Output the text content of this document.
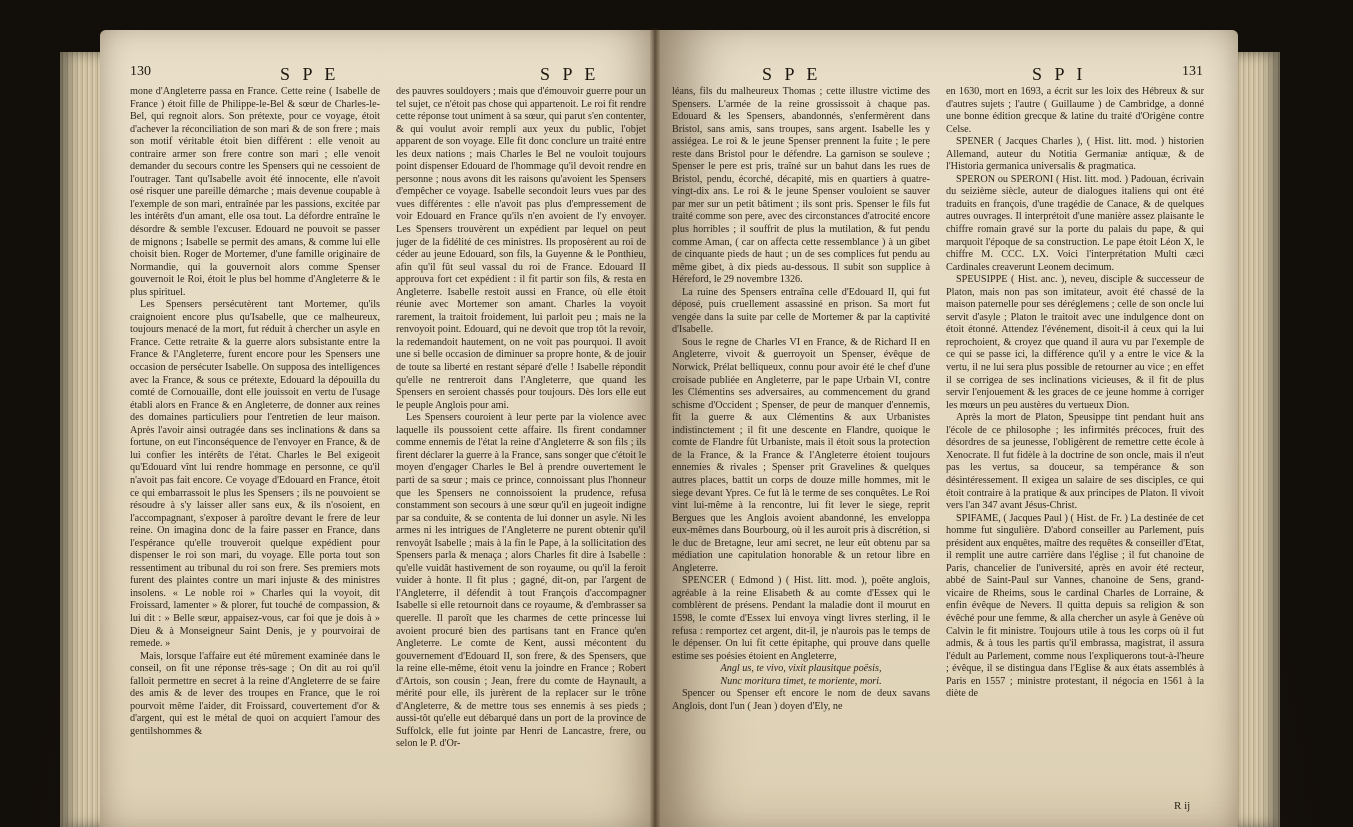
130	S P E	S P E

mone d'Angleterre passa en France. Cette reine ( Isabelle de France ) étoit fille de Philippe-le-Bel & sœur de Charles-le-Bel, qui regnoit alors. Son prétexte, pour ce voyage, étoit d'achever la réconciliation de son mari & de son frere ; mais son motif véritable étoit bien différent : elle venoit au contraire armer son frere contre son mari ; elle venoit demander du secours contre les Spensers qui ne cessoient de l'outrager. Tant qu'Isabelle avoit été innocente, elle n'avoit osé risquer une pareille démarche ; mais devenue coupable à l'exemple de son mari, entraînée par les passions, excitée par les intérêts d'un amant, elle osa tout. La défordre entraîne le désordre & semble l'excuser. Edouard ne pouvoit se passer de mignons ; Isabelle se permit des amans, & comme lui elle choisit bien. Roger de Mortemer, d'une famille originaire de Normandie, qui la gouvernoit alors comme Spenser gouvernoit le Roi, étoit le plus bel homme d'Angleterre & le plus spirituel.

Les Spensers persécutèrent tant Mortemer, qu'ils craignoient encore plus qu'Isabelle, que ce malheureux, toujours menacé de la mort, fut réduit à chercher un asyle en France. Cette retraite & la guerre alors subsistante entre la France & l'Angleterre, furent encore pour les Spensers une occasion de persécuter Isabelle. On supposa des intelligences avec la France, & sous ce prétexte, Edouard la dépouilla du comté de Cornouaille, dont elle jouissoit en vertu de l'usage établi alors en France & en Angleterre, de donner aux reines des domaines particuliers pour l'entretien de leur maison. Après l'avoir ainsi outragée dans ses inclinations & dans sa fortune, on eut l'inconséquence de l'envoyer en France, & de lui confier les intérêts de l'état. Charles le Bel exigeoit qu'Edouard vînt lui rendre hommage en personne, ce qu'il n'avoit pas fait encore. Ce voyage d'Edouard en France, étoit ce qui embarrassoit le plus les Spensers ; ils ne pouvoient se résoudre à s'y laisser aller sans eux, & ils n'osoient, en l'accompagnant, s'exposer à paroître devant le frere de leur reine. On imagina donc de la faire passer en France, dans l'espérance qu'elle trouveroit quelque expédient pour dispenser le roi son mari, du voyage. Elle porta tout son ressentiment au tribunal du roi son frere. Ses premiers mots furent des plaintes contre un mari injuste & des ministres insolens. « Le noble roi » Charles qui la voyoit, dit Froissard, lamenter » & plorer, fut touché de compassion, & lui dit : » Belle sœur, appaisez-vous, car foi que je dois à » Dieu & à Monseigneur Saint Denis, je y pourvoirai de remede. »

Mais, lorsque l'affaire eut été mûrement examinée dans le conseil, on fit une réponse très-sage ; On dit au roi qu'il falloit permettre en secret à la reine d'Angleterre de se faire des amis & de lever des troupes en France, que le roi pourvoit même l'aider, dit Froissard, couvertement d'or & d'argent, qui est le métal de quoi on acquiert l'amour des gentilshommes &

des pauvres souldoyers ; mais que d'émouvoir guerre pour un tel sujet, ce n'étoit pas chose qui appartenoit. Le roi fit rendre cette réponse tout uniment à sa sœur, qui parut s'en contenter, & qui voulut avoir rempli aux yeux du public, l'objet apparent de son voyage. Elle fit donc conclure un traité entre les deux nations ; mais Charles le Bel ne vouloit toujours point dispenser Edouard de l'hommage qu'il devoit rendre en personne ; nous avons dit les raisons qu'avoient les Spensers d'empêcher ce voyage. Isabelle secondoit leurs vues par des vues différentes : elle n'avoit pas plus d'empressement de voir Edouard en France qu'ils n'en avoient de l'y envoyer. Les Spensers trouvèrent un expédient par lequel on peut juger de la fidélité de ces ministres. Ils proposèrent au roi de céder au jeune Edouard, son fils, la Guyenne & le Ponthieu, afin qu'il fût seul vassal du roi de France. Edouard II approuva fort cet expédient : il fit partir son fils, & resta en Angleterre. Isabelle restoit aussi en France, où elle étoit réunie avec Mortemer son amant. Charles la voyoit rarement, la traitoit froidement, lui parloit peu ; mais ne la renvoyoit point. Edouard, qui ne devoit que trop tôt la revoir, la redemandoit hautement, on ne voit pas pourquoi. Il avoit une si belle occasion de diminuer sa propre honte, & de jouir de toute sa liberté en restant séparé d'elle ! Isabelle répondit qu'elle ne rentreroit dans l'Angleterre, que quand les Spensers en seroient chassés pour toujours. Dès lors elle eut le peuple Anglois pour ami.

Les Spensers couroient à leur perte par la violence avec laquelle ils poussoient cette affaire. Ils firent condamner comme ennemis de l'état la reine d'Angleterre & son fils ; ils firent déclarer la guerre à la France, sans songer que c'étoit le moyen d'engager Charles le Bel à prendre ouvertement le parti de sa sœur ; mais ce prince, connoissant plus l'honneur que les Spensers ne connoissoient la prudence, refusa constamment son secours à une sœur qu'il en jugeoit indigne par sa conduite, & se contenta de lui donner un asyle. Ni les armes ni les intrigues de l'Angleterre ne purent obtenir qu'il renvoyât Isabelle ; mais à la fin le Pape, à la sollicitation des Spensers parla & menaça ; alors Charles fit dire à Isabelle : qu'elle vuidât hastivement de son royaume, ou qu'il la feroit vuider à honte. Il fit plus ; gagné, dit-on, par l'argent de l'Angleterre, il défendit à tout François d'accompagner Isabelle si elle retournoit dans ce royaume, & d'embrasser sa querelle. Il paroît que les charmes de cette princesse lui avoient procuré bien des partisans tant en France qu'en Angleterre. Le comte de Kent, aussi mécontent du gouvernement d'Edouard II, son frere, & des Spensers, que la reine elle-même, étoit venu la joindre en France ; Robert d'Artois, son cousin ; Jean, frere du comte de Haynault, a mérité pour elle, ils jurèrent de la replacer sur le trône d'Angleterre, & de mettre tous ses ennemis à ses pieds ; aussi-tôt qu'elle eut débarqué dans un port de la province de Suffolck, elle fut jointe par Henri de Lancastre, frere, ou selon le P. d'Or-

S P E	S P I	131

léans, fils du malheureux Thomas ; cette illustre victime des Spensers. L'armée de la reine grossissoit à chaque pas. Edouard & les Spensers, abandonnés, s'enfermèrent dans Bristol, sans amis, sans troupes, sans argent. Isabelle les y assiégea. Le roi & le jeune Spenser prennent la fuite ; le pere reste dans Bristol pour le défendre. La garnison se souleve ; Spenser le pere est pris, traîné sur un bahut dans les rues de Bristol, pendu, écorché, décapité, mis en quartiers à quatre-vingt-dix ans. Le roi & le jeune Spenser vouloient se sauver par mer sur un petit bâtiment ; ils sont pris. Spenser le fils fut traité comme son pere, avec des circonstances d'atrocité encore plus horribles ; il souffrit de plus la mutilation, & fut pendu comme Aman, ( car on affecta cette ressemblance ) à un gibet de cinquante pieds de haut ; un de ses complices fut pendu au même gibet, à dix pieds au-dessous. Il subit son supplice à Héreford, le 29 novembre 1326.

La ruine des Spensers entraîna celle d'Edouard II, qui fut déposé, puis cruellement assassiné en prison. Sa mort fut vengée dans la suite par celle de Mortemer & par la captivité d'Isabelle.

Sous le regne de Charles VI en France, & de Richard II en Angleterre, vivoit & guerroyoit un Spenser, évêque de Norwick, Prélat belliqueux, connu pour avoir été le chef d'une croisade publiée en Angleterre, par le pape Urbain VI, contre les Clémentins ses adversaires, au commencement du grand schisme d'Occident ; Spenser, de peur de manquer d'ennemis, fit la guerre & aux Clémentins & aux Urbanistes indistinctement ; il fit une descente en Flandre, quoique le comte de Flandre fût Urbaniste, mais il étoit sous la protection de la France, & la France & l'Angleterre étoient toujours ennemies & rivales ; Spenser prit Gravelines & quelques autres places, battit un corps de douze mille hommes, mit le siege devant Ypres. Ce fut là le terme de ses conquêtes. Le Roi vint lui-même à la rencontre, lui fit lever le siege, reprit Bergues que les Anglois avoient abandonné, les enveloppa eux-mêmes dans Bourbourg, où il les auroit pris à discrétion, si le duc de Bretagne, leur ami secret, ne leur eût obtenu par sa médiation une capitulation honorable & un retour libre en Angleterre.

SPENCER ( Edmond ) ( Hist. litt. mod. ), poëte anglois, agréable à la reine Elisabeth & au comte d'Essex qui le comblèrent de présens. Pendant la maladie dont il mourut en 1598, le comte d'Essex lui envoya vingt livres sterling, il le refusa : remportez cet argent, dit-il, je n'aurois pas le temps de le dépenser. On lui fit cette épitaphe, qui prouve dans quelle estime ses poésies étoient en Angleterre,

Angl us, te vivo, vixit plausitque poësis,

Nunc moritura timet, te moriente, mori.

Spencer ou Spenser eft encore le nom de deux savans Anglois, dont l'un ( Jean ) doyen d'Ely, ne

en 1630, mort en 1693, a écrit sur les loix des Hébreux & sur d'autres sujets ; l'autre ( Guillaume ) de Cambridge, a donné une bonne édition grecque & latine du traité d'Origène contre Celse.

SPENER ( Jacques Charles ), ( Hist. litt. mod. ) historien Allemand, auteur du Notitia Germaniæ antiquæ, & de l'Historia germanica universalis & pragmatica.

SPERON ou SPERONI ( Hist. litt. mod. ) Padouan, écrivain du seizième siècle, auteur de dialogues italiens qui ont été traduits en françois, d'une tragédie de Canace, & de quelques autres ouvrages. Il interprétoit d'une manière assez plaisante le chiffre romain gravé sur la porte du palais du pape, & qui marquoit l'époque de sa construction. Le pape étoit Léon X, le chiffre M. CCC. LX. Voici l'interprétation Multi cæci Cardinales creaverunt Leonem decimum.

SPEUSIPPE ( Hist. anc. ), neveu, disciple & successeur de Platon, mais non pas son imitateur, avoit été chassé de la maison paternelle pour ses déréglemens ; celle de son oncle lui servit d'asyle ; Platon le traitoit avec une indulgence dont on étoit étonné. Attendez l'événement, disoit-il à ceux qui la lui reprochoient, & croyez que quand il aura vu par l'exemple de ce qui se passe ici, la différence qu'il y a entre le vice & la vertu, il ne lui sera plus possible de retourner au vice ; en effet il se corrigea de ses inclinations vicieuses, & il fit de plus servir l'enjouement & les graces de ce jeune homme à corriger les mœurs un peu austères du vertueux Dion.

Après la mort de Platon, Speusippe tint pendant huit ans l'école de ce philosophe ; les infirmités précoces, fruit des désordres de sa jeunesse, l'obligèrent de remettre cette école à Xenocrate. Il fut fidèle à la doctrine de son oncle, mais il n'eut pas les vertus, sa douceur, sa tempérance & son désintéressement. Il exigea un salaire de ses disciples, ce qui étoit contraire à la pratique & aux principes de Platon. Il vivoit vers l'an 347 avant Jésus-Christ.

SPIFAME, ( Jacques Paul ) ( Hist. de Fr. ) La destinée de cet homme fut singulière. D'abord conseiller au Parlement, puis président aux enquêtes, maître des requêtes & conseiller d'Etat, il remplit une autre carrière dans l'église ; il fut chanoine de Paris, chancelier de l'université, après en avoir été recteur, abbé de Saint-Paul sur Vannes, chanoine de Sens, grand-vicaire de Rheims, sous le cardinal Charles de Lorraine, & enfin évêque de Nevers. Il quitta depuis sa religion & son évêché pour une femme, & alla chercher un asyle à Genève où Calvin le fit ministre. Toujours utile à tous les corps où il fut admis, & à tous les partis qu'il embrassa, magistrat, il assura l'édult au Parlement, comme nous l'expliquerons tout-à-l'heure ; évêque, il se distingua dans l'Eglise & aux états assemblés à Paris en 1557 ; ministre protestant, il négocia en 1561 à la diète de

R ij
